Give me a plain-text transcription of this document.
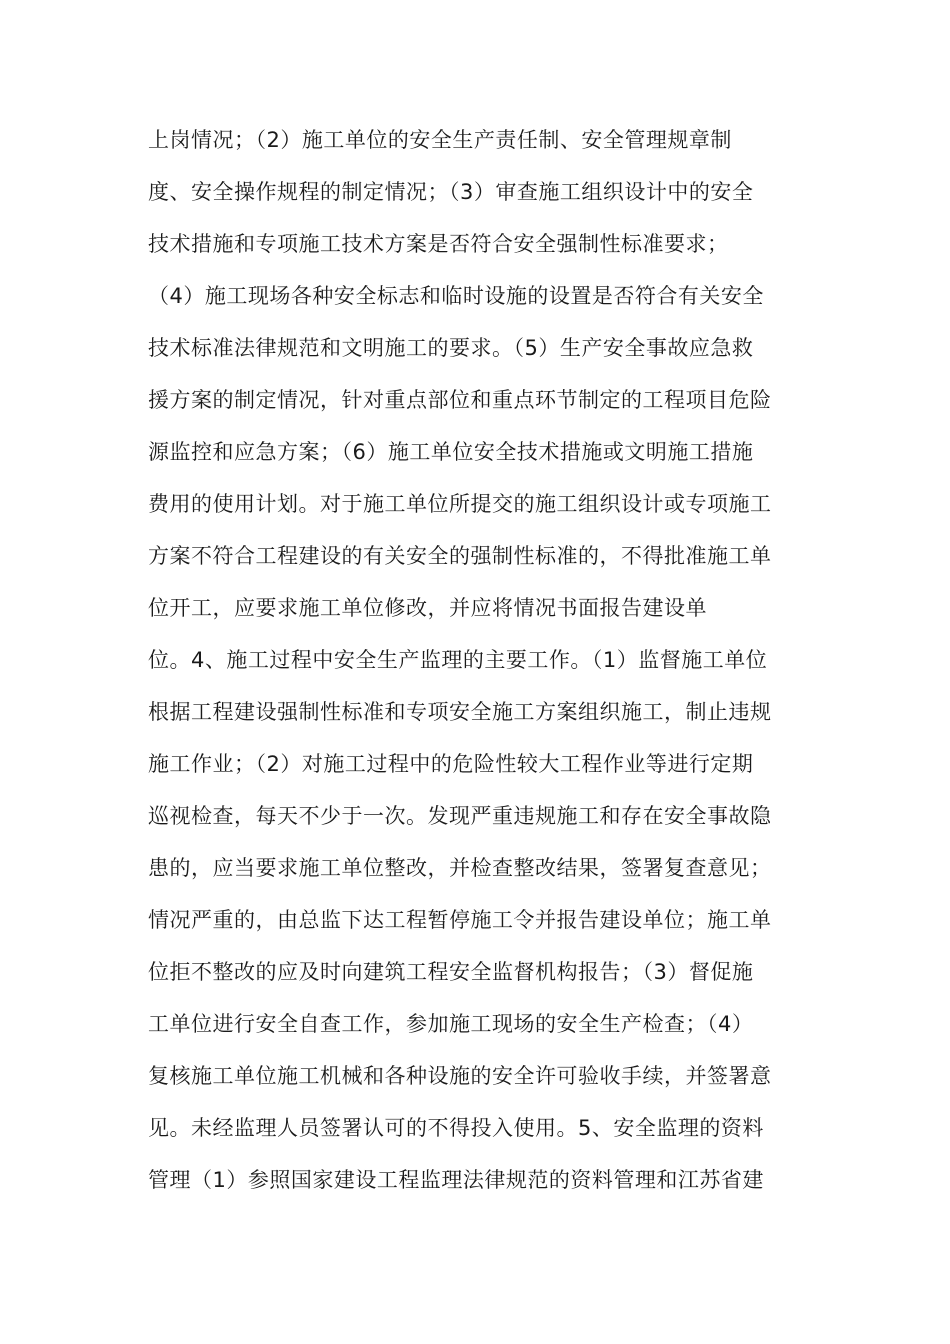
上岗情况；（2）施工单位的安全生产责任制、安全管理规章制
度、安全操作规程的制定情况；（3）审查施工组织设计中的安全
技术措施和专项施工技术方案是否符合安全强制性标准要求；
（4）施工现场各种安全标志和临时设施的设置是否符合有关安全
技术标准法律规范和文明施工的要求。（5）生产安全事故应急救
援方案的制定情况，针对重点部位和重点环节制定的工程项目危险
源监控和应急方案；（6）施工单位安全技术措施或文明施工措施
费用的使用计划。对于施工单位所提交的施工组织设计或专项施工
方案不符合工程建设的有关安全的强制性标准的，不得批准施工单
位开工，应要求施工单位修改，并应将情况书面报告建设单
位。4、施工过程中安全生产监理的主要工作。（1）监督施工单位
根据工程建设强制性标准和专项安全施工方案组织施工，制止违规
施工作业；（2）对施工过程中的危险性较大工程作业等进行定期
巡视检查，每天不少于一次。发现严重违规施工和存在安全事故隐
患的，应当要求施工单位整改，并检查整改结果，签署复查意见；
情况严重的，由总监下达工程暂停施工令并报告建设单位；施工单
位拒不整改的应及时向建筑工程安全监督机构报告；（3）督促施
工单位进行安全自查工作，参加施工现场的安全生产检查；（4）
复核施工单位施工机械和各种设施的安全许可验收手续，并签署意
见。未经监理人员签署认可的不得投入使用。5、安全监理的资料
管理（1）参照国家建设工程监理法律规范的资料管理和江苏省建
